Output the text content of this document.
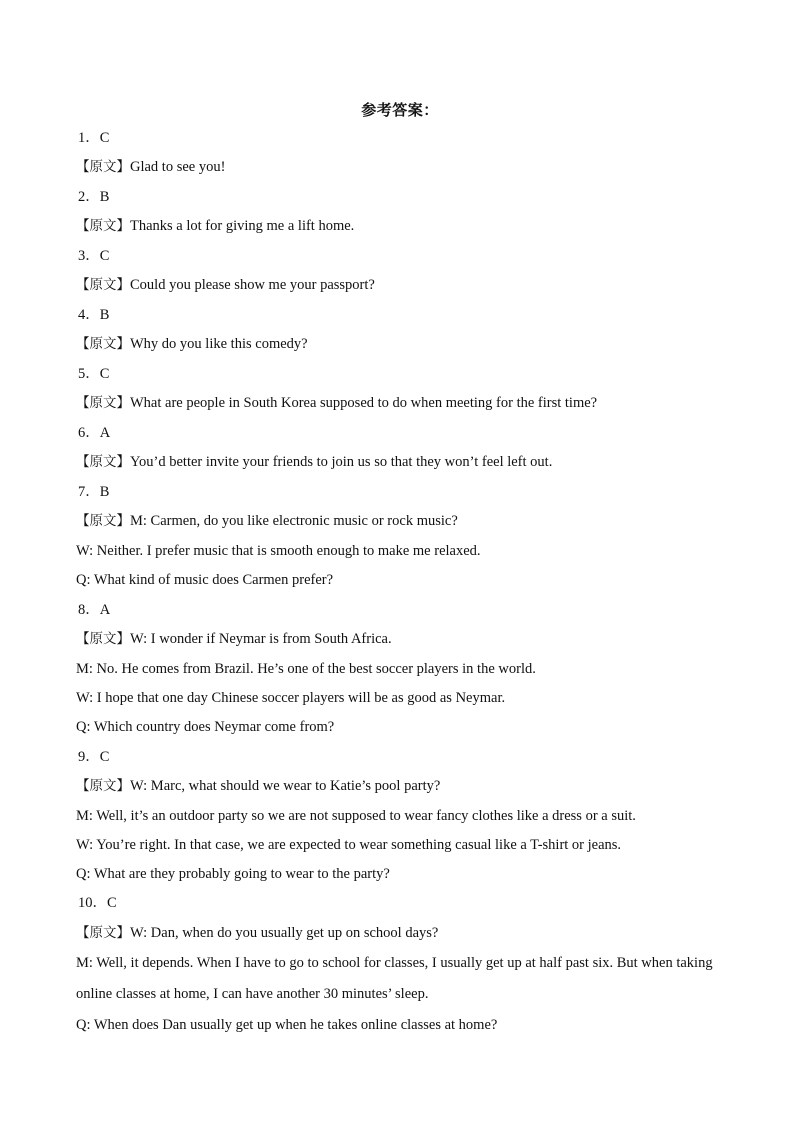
参考答案：
1．C
【原文】Glad to see you!
2．B
【原文】Thanks a lot for giving me a lift home.
3．C
【原文】Could you please show me your passport?
4．B
【原文】Why do you like this comedy?
5．C
【原文】What are people in South Korea supposed to do when meeting for the first time?
6．A
【原文】You’d better invite your friends to join us so that they won’t feel left out.
7．B
【原文】M: Carmen, do you like electronic music or rock music?
W: Neither. I prefer music that is smooth enough to make me relaxed.
Q: What kind of music does Carmen prefer?
8．A
【原文】W: I wonder if Neymar is from South Africa.
M: No. He comes from Brazil. He’s one of the best soccer players in the world.
W: I hope that one day Chinese soccer players will be as good as Neymar.
Q: Which country does Neymar come from?
9．C
【原文】W: Marc, what should we wear to Katie’s pool party?
M: Well, it’s an outdoor party so we are not supposed to wear fancy clothes like a dress or a suit.
W: You’re right. In that case, we are expected to wear something casual like a T-shirt or jeans.
Q: What are they probably going to wear to the party?
10．C
【原文】W: Dan, when do you usually get up on school days?
M: Well, it depends. When I have to go to school for classes, I usually get up at half past six. But when taking
online classes at home, I can have another 30 minutes’ sleep.
Q: When does Dan usually get up when he takes online classes at home?
